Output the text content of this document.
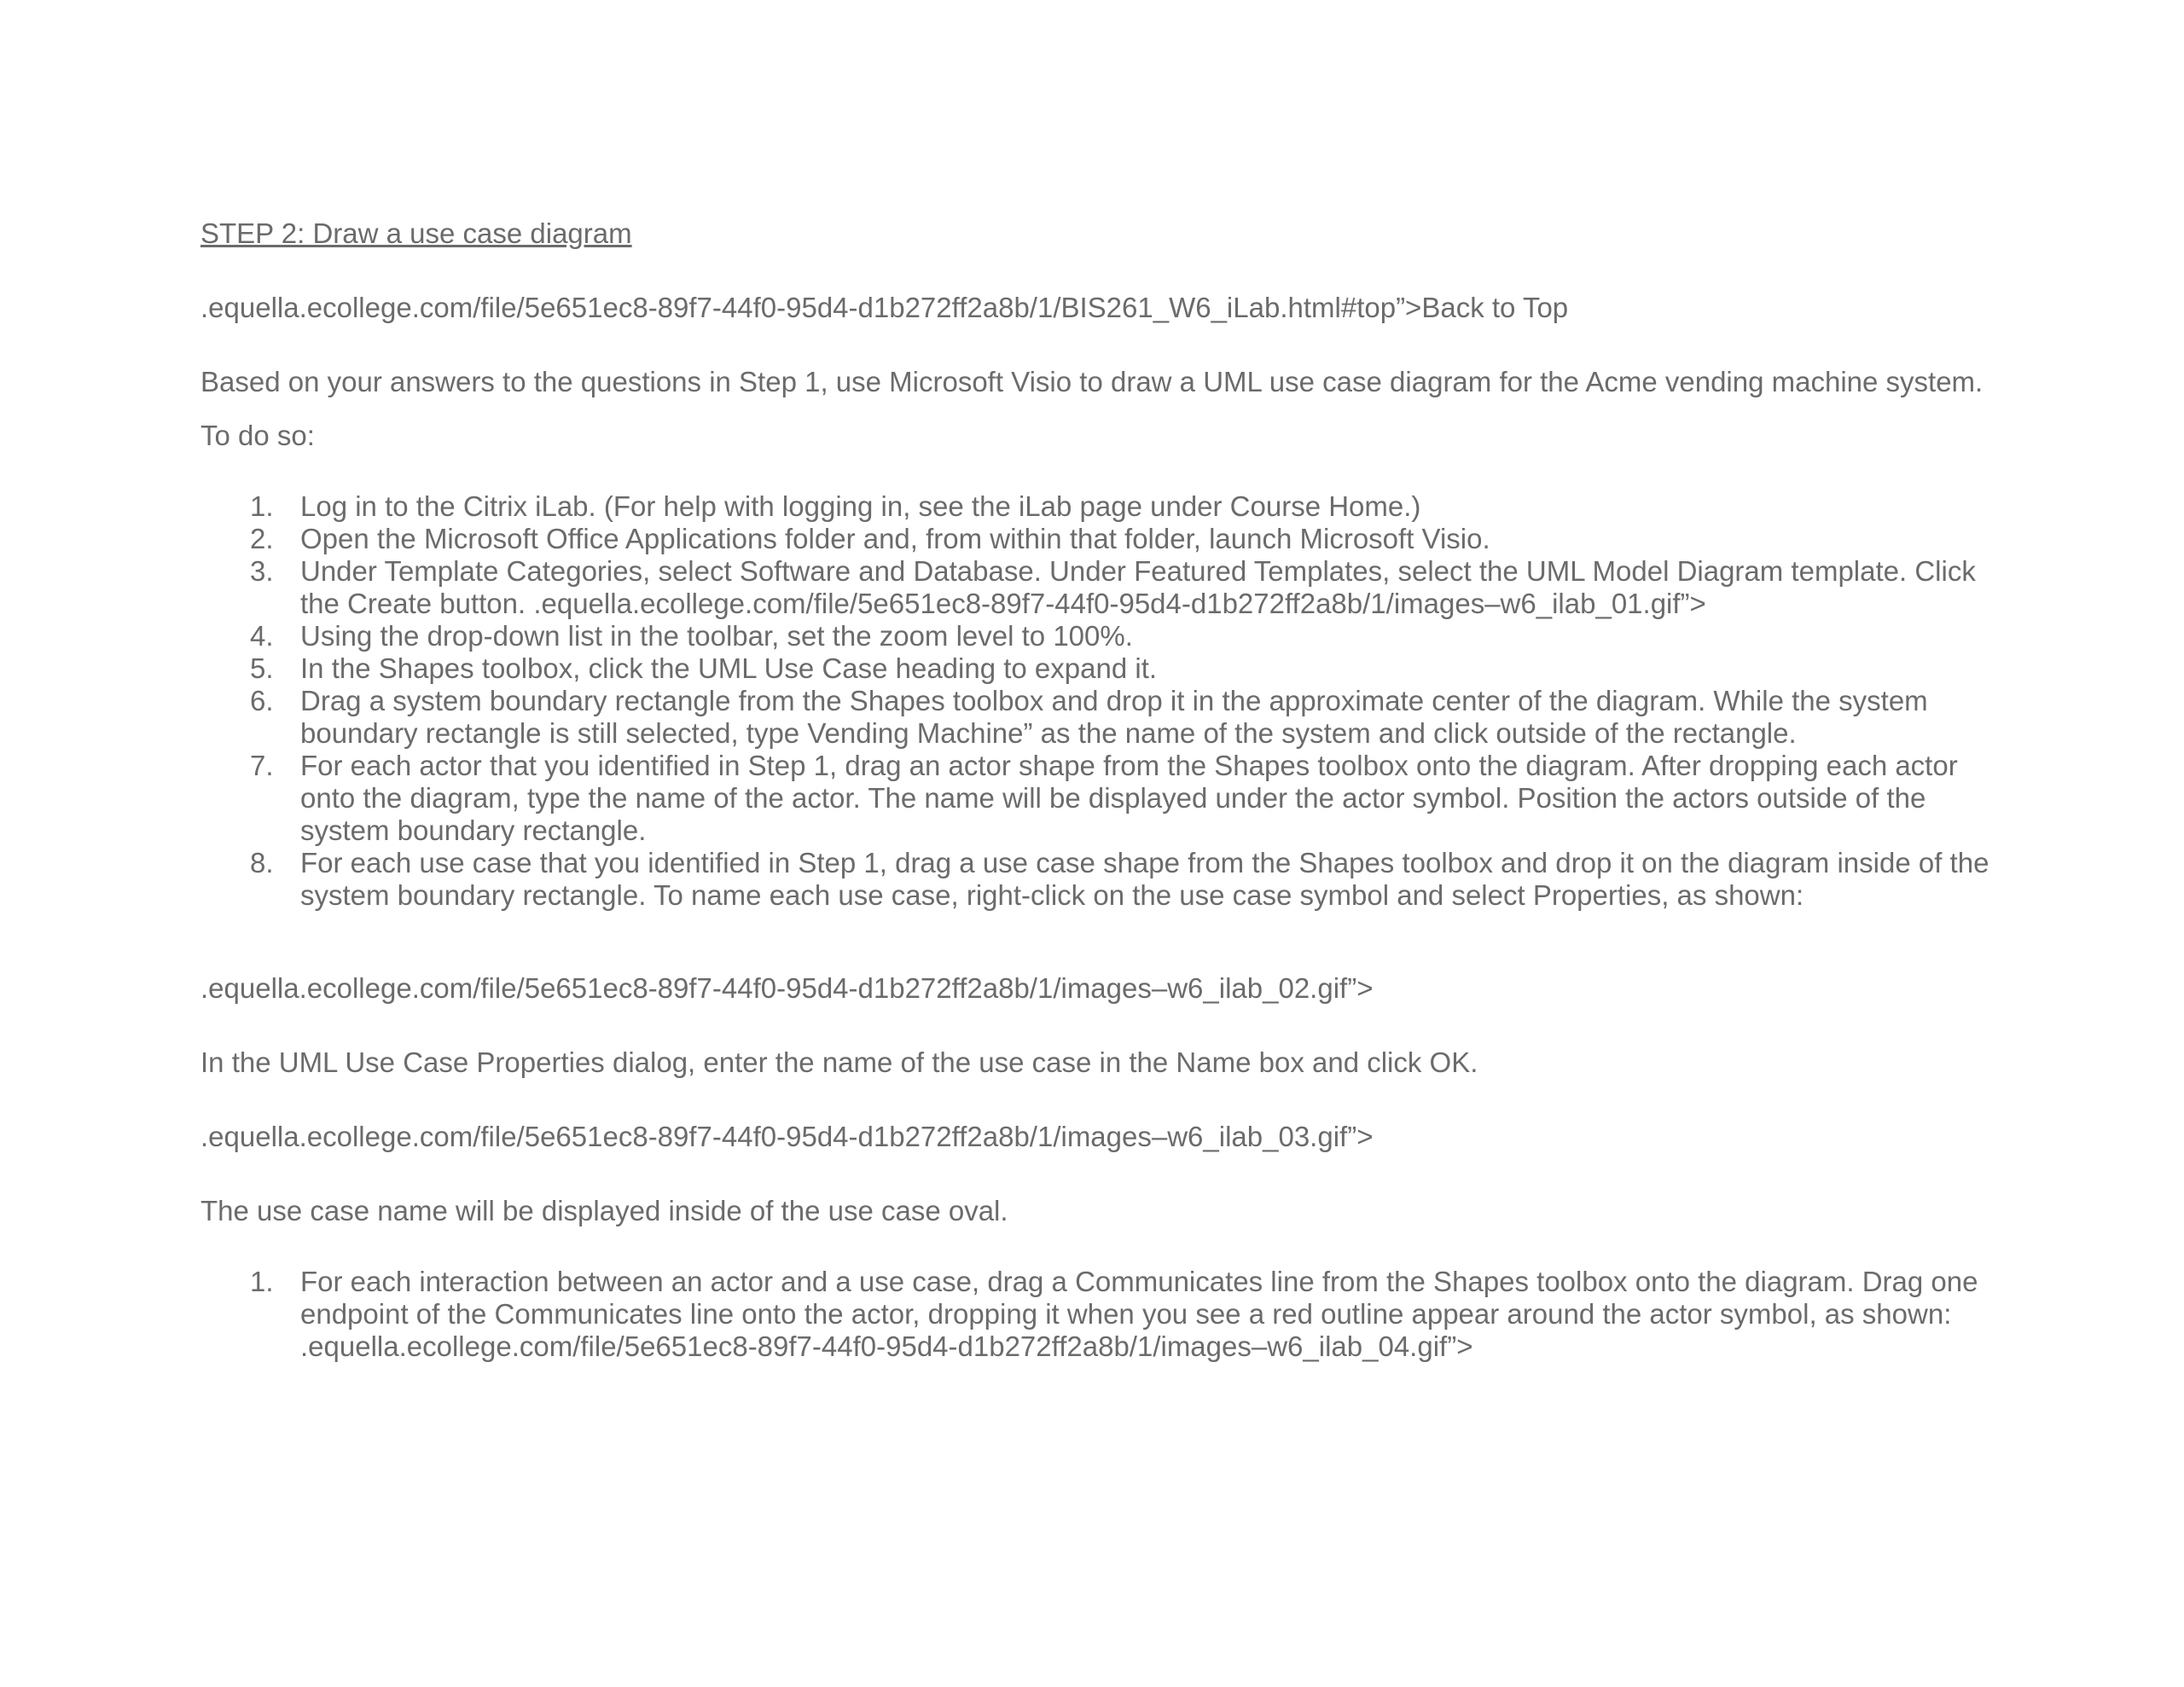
STEP 2: Draw a use case diagram

.equella.ecollege.com/file/5e651ec8-89f7-44f0-95d4-d1b272ff2a8b/1/BIS261_W6_iLab.html#top”>Back to Top

Based on your answers to the questions in Step 1, use Microsoft Visio to draw a UML use case diagram for the Acme vending machine system.

To do so:

1. Log in to the Citrix iLab. (For help with logging in, see the iLab page under Course Home.)
2. Open the Microsoft Office Applications folder and, from within that folder, launch Microsoft Visio.
3. Under Template Categories, select Software and Database. Under Featured Templates, select the UML Model Diagram template. Click the Create button. .equella.ecollege.com/file/5e651ec8-89f7-44f0-95d4-d1b272ff2a8b/1/images–w6_ilab_01.gif”>
4. Using the drop-down list in the toolbar, set the zoom level to 100%.
5. In the Shapes toolbox, click the UML Use Case heading to expand it.
6. Drag a system boundary rectangle from the Shapes toolbox and drop it in the approximate center of the diagram. While the system boundary rectangle is still selected, type Vending Machine” as the name of the system and click outside of the rectangle.
7. For each actor that you identified in Step 1, drag an actor shape from the Shapes toolbox onto the diagram. After dropping each actor onto the diagram, type the name of the actor. The name will be displayed under the actor symbol. Position the actors outside of the system boundary rectangle.
8. For each use case that you identified in Step 1, drag a use case shape from the Shapes toolbox and drop it on the diagram inside of the system boundary rectangle. To name each use case, right-click on the use case symbol and select Properties, as shown:

.equella.ecollege.com/file/5e651ec8-89f7-44f0-95d4-d1b272ff2a8b/1/images–w6_ilab_02.gif”>

In the UML Use Case Properties dialog, enter the name of the use case in the Name box and click OK.

.equella.ecollege.com/file/5e651ec8-89f7-44f0-95d4-d1b272ff2a8b/1/images–w6_ilab_03.gif”>

The use case name will be displayed inside of the use case oval.

1. For each interaction between an actor and a use case, drag a Communicates line from the Shapes toolbox onto the diagram. Drag one endpoint of the Communicates line onto the actor, dropping it when you see a red outline appear around the actor symbol, as shown: .equella.ecollege.com/file/5e651ec8-89f7-44f0-95d4-d1b272ff2a8b/1/images–w6_ilab_04.gif”>
